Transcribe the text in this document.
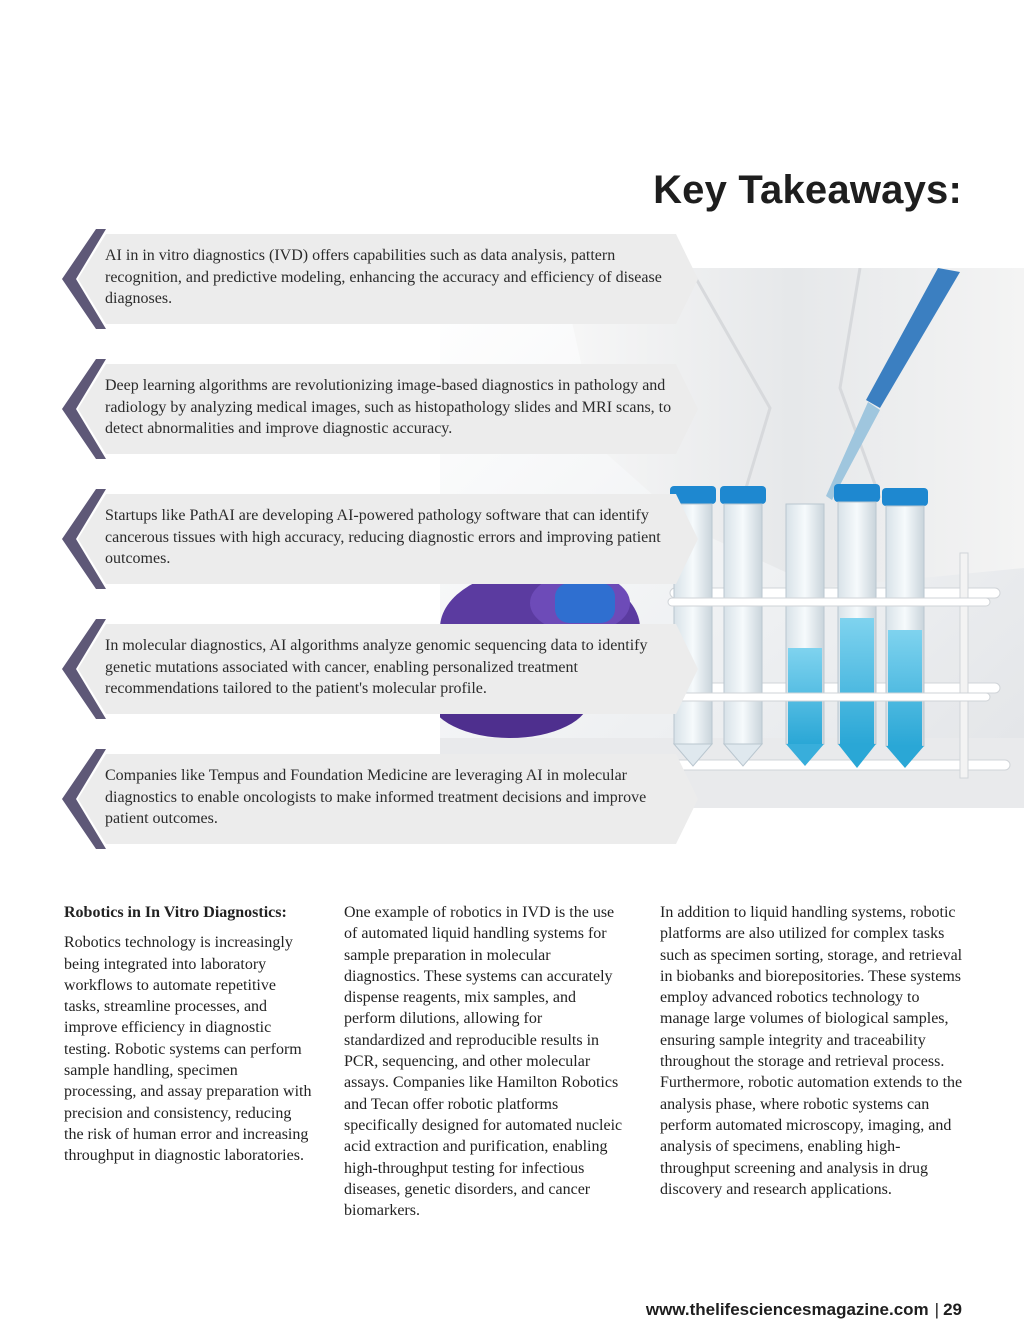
Key Takeaways:
AI in in vitro diagnostics (IVD) offers capabilities such as data analysis, pattern recognition, and predictive modeling, enhancing the accuracy and efficiency of disease diagnoses.
Deep learning algorithms are revolutionizing image-based diagnostics in pathology and radiology by analyzing medical images, such as histopathology slides and MRI scans, to detect abnormalities and improve diagnostic accuracy.
Startups like PathAI are developing AI-powered pathology software that can identify cancerous tissues with high accuracy, reducing diagnostic errors and improving patient outcomes.
In molecular diagnostics, AI algorithms analyze genomic sequencing data to identify genetic mutations associated with cancer, enabling personalized treatment recommendations tailored to the patient's molecular profile.
Companies like Tempus and Foundation Medicine are leveraging AI in molecular diagnostics to enable oncologists to make informed treatment decisions and improve patient outcomes.
Robotics in In Vitro Diagnostics:

Robotics technology is increasingly being integrated into laboratory workflows to automate repetitive tasks, streamline processes, and improve efficiency in diagnostic testing. Robotic systems can perform sample handling, specimen processing, and assay preparation with precision and consistency, reducing the risk of human error and increasing throughput in diagnostic laboratories.

One example of robotics in IVD is the use of automated liquid handling systems for sample preparation in molecular diagnostics. These systems can accurately dispense reagents, mix samples, and perform dilutions, allowing for standardized and reproducible results in PCR, sequencing, and other molecular assays. Companies like Hamilton Robotics and Tecan offer robotic platforms specifically designed for automated nucleic acid extraction and purification, enabling high-throughput testing for infectious diseases, genetic disorders, and cancer biomarkers.

In addition to liquid handling systems, robotic platforms are also utilized for complex tasks such as specimen sorting, storage, and retrieval in biobanks and biorepositories. These systems employ advanced robotics technology to manage large volumes of biological samples, ensuring sample integrity and traceability throughout the storage and retrieval process. Furthermore, robotic automation extends to the analysis phase, where robotic systems can perform automated microscopy, imaging, and analysis of specimens, enabling high-throughput screening and analysis in drug discovery and research applications.

www.thelifesciencesmagazine.com | 29
